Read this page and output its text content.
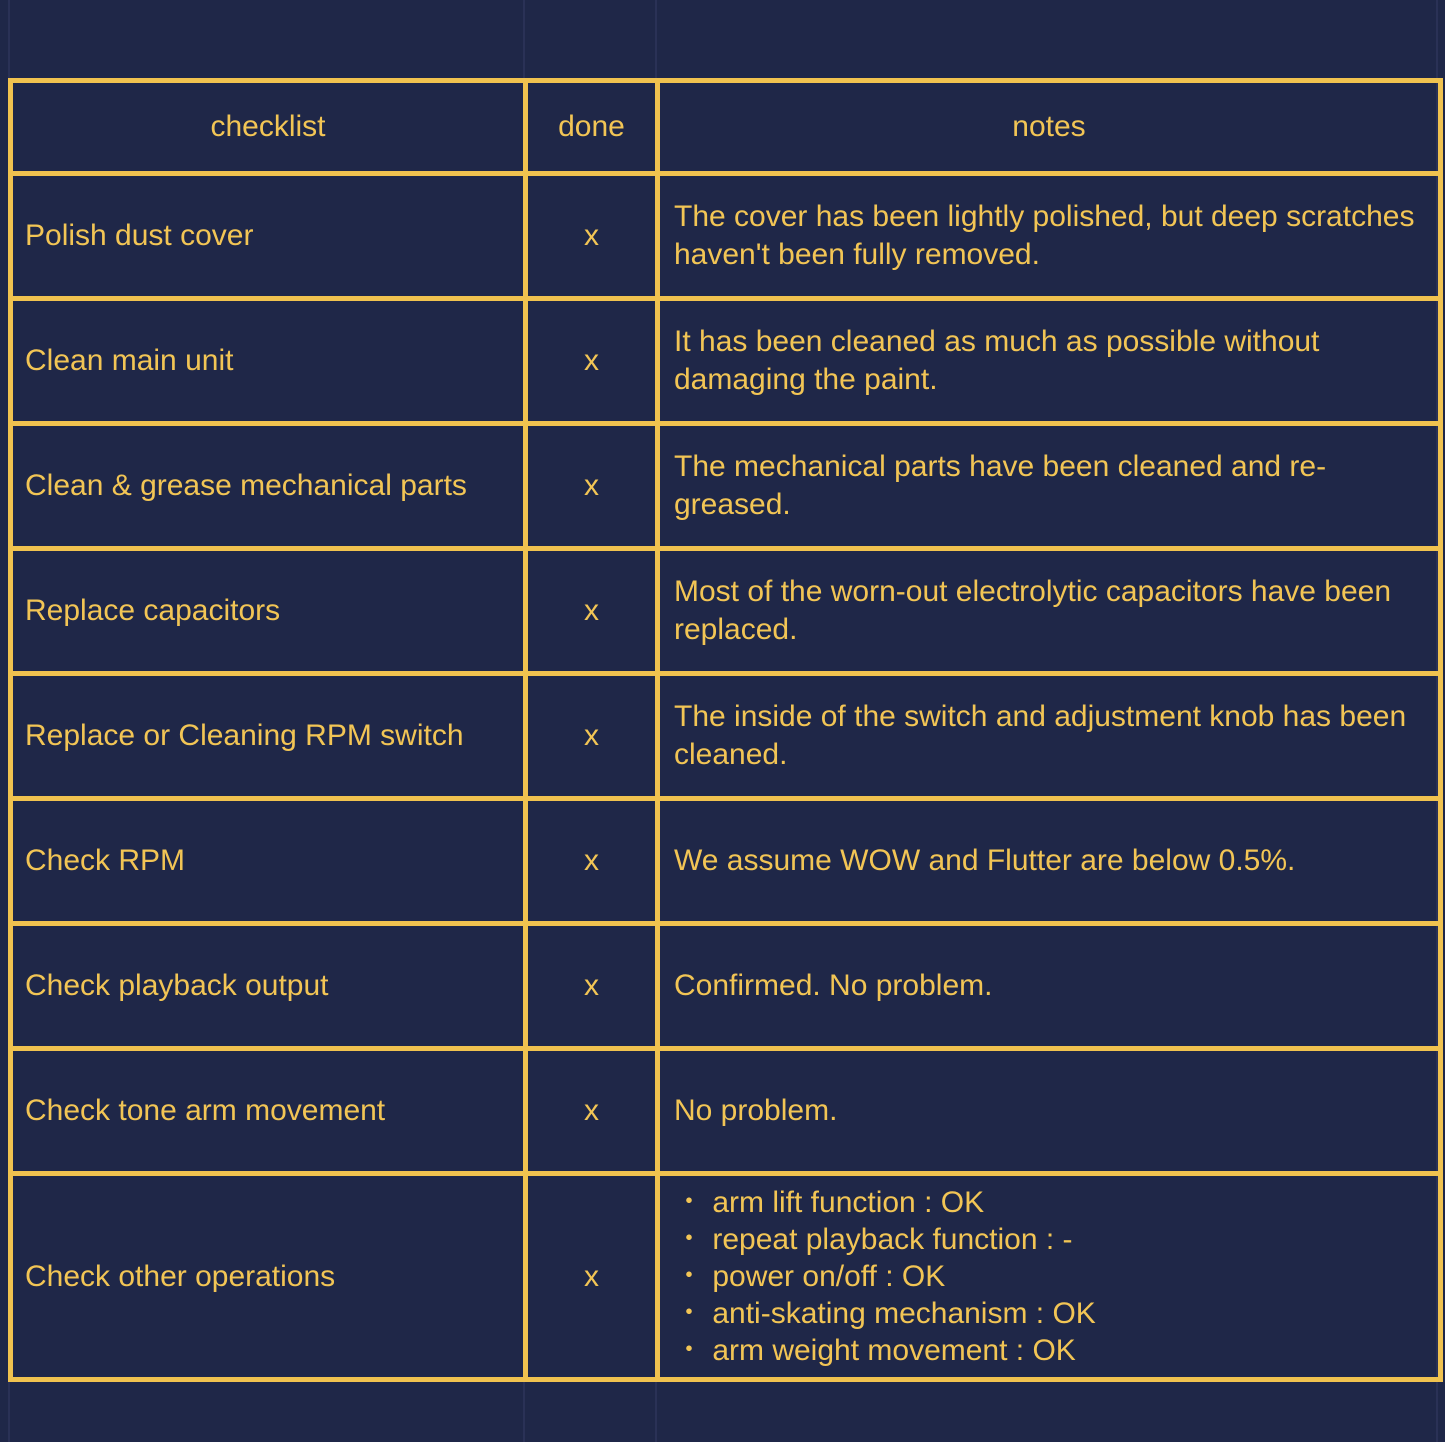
checklist	done	notes
Polish dust cover	x	The cover has been lightly polished, but deep scratches haven't been fully removed.
Clean main unit	x	It has been cleaned as much as possible without damaging the paint.
Clean & grease mechanical parts	x	The mechanical parts have been cleaned and re-greased.
Replace capacitors	x	Most of the worn-out electrolytic capacitors have been replaced.
Replace or Cleaning RPM switch	x	The inside of the switch and adjustment knob has been cleaned.
Check RPM	x	We assume WOW and Flutter are below 0.5%.
Check playback output	x	Confirmed. No problem.
Check tone arm movement	x	No problem.
Check other operations	x	・ arm lift function : OK
・ repeat playback function : -
・ power on/off : OK
・ anti-skating mechanism : OK
・ arm weight movement : OK
